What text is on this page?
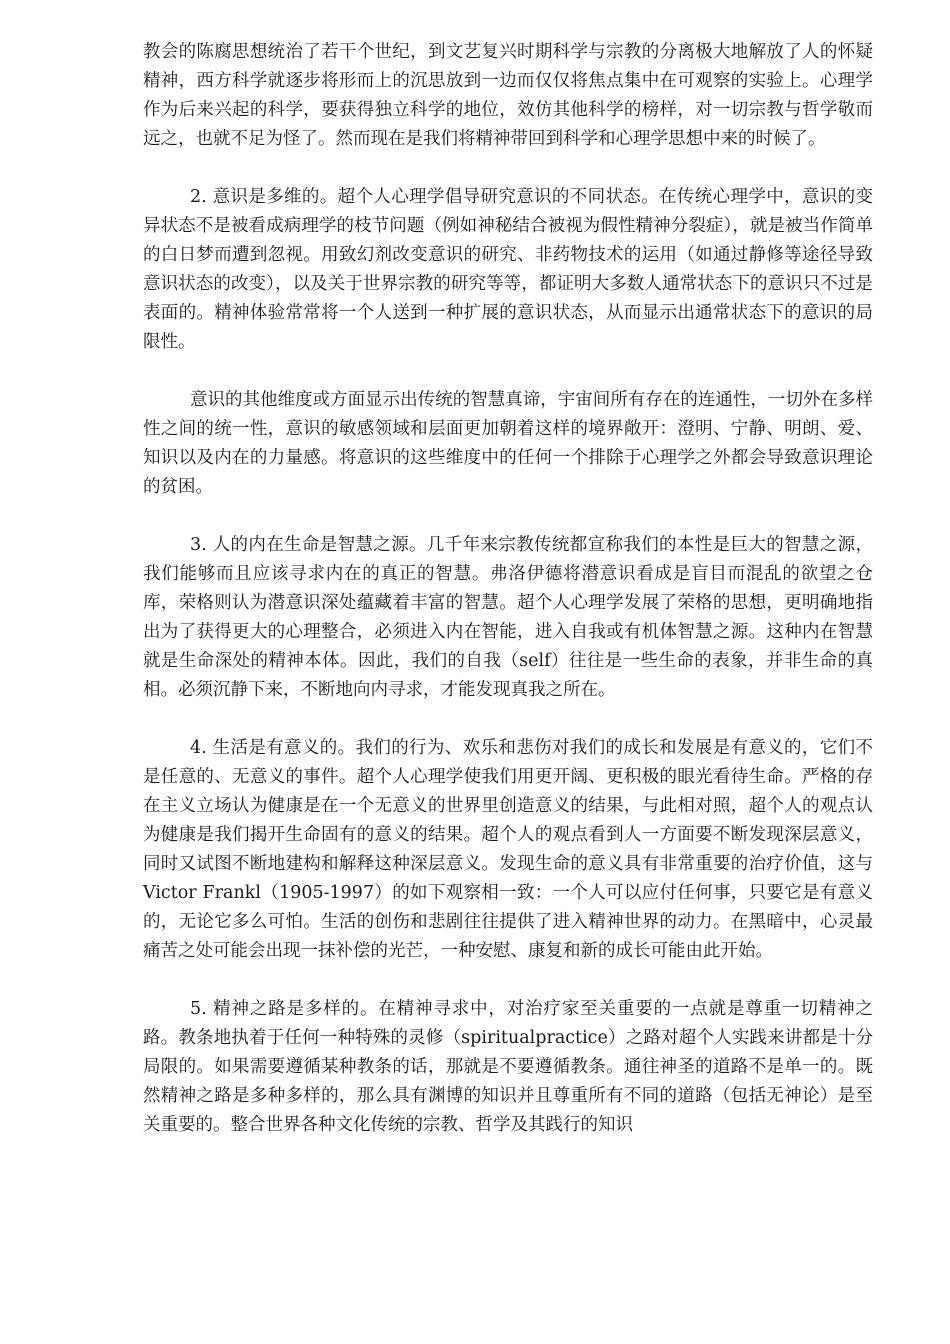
教会的陈腐思想统治了若干个世纪，到文艺复兴时期科学与宗教的分离极大地解放了人的怀疑精神，西方科学就逐步将形而上的沉思放到一边而仅仅将焦点集中在可观察的实验上。心理学作为后来兴起的科学，要获得独立科学的地位，效仿其他科学的榜样，对一切宗教与哲学敬而远之，也就不足为怪了。然而现在是我们将精神带回到科学和心理学思想中来的时候了。

2. 意识是多维的。超个人心理学倡导研究意识的不同状态。在传统心理学中，意识的变异状态不是被看成病理学的枝节问题（例如神秘结合被视为假性精神分裂症），就是被当作简单的白日梦而遭到忽视。用致幻剂改变意识的研究、非药物技术的运用（如通过静修等途径导致意识状态的改变），以及关于世界宗教的研究等等，都证明大多数人通常状态下的意识只不过是表面的。精神体验常常将一个人送到一种扩展的意识状态，从而显示出通常状态下的意识的局限性。

意识的其他维度或方面显示出传统的智慧真谛，宇宙间所有存在的连通性，一切外在多样性之间的统一性，意识的敏感领域和层面更加朝着这样的境界敞开：澄明、宁静、明朗、爱、知识以及内在的力量感。将意识的这些维度中的任何一个排除于心理学之外都会导致意识理论的贫困。

3. 人的内在生命是智慧之源。几千年来宗教传统都宣称我们的本性是巨大的智慧之源，我们能够而且应该寻求内在的真正的智慧。弗洛伊德将潜意识看成是盲目而混乱的欲望之仓库，荣格则认为潜意识深处蕴藏着丰富的智慧。超个人心理学发展了荣格的思想，更明确地指出为了获得更大的心理整合，必须进入内在智能，进入自我或有机体智慧之源。这种内在智慧就是生命深处的精神本体。因此，我们的自我（self）往往是一些生命的表象，并非生命的真相。必须沉静下来，不断地向内寻求，才能发现真我之所在。

4. 生活是有意义的。我们的行为、欢乐和悲伤对我们的成长和发展是有意义的，它们不是任意的、无意义的事件。超个人心理学使我们用更开阔、更积极的眼光看待生命。严格的存在主义立场认为健康是在一个无意义的世界里创造意义的结果，与此相对照，超个人的观点认为健康是我们揭开生命固有的意义的结果。超个人的观点看到人一方面要不断发现深层意义，同时又试图不断地建构和解释这种深层意义。发现生命的意义具有非常重要的治疗价值，这与 Victor Frankl（1905-1997）的如下观察相一致：一个人可以应付任何事，只要它是有意义的，无论它多么可怕。生活的创伤和悲剧往往提供了进入精神世界的动力。在黑暗中，心灵最痛苦之处可能会出现一抹补偿的光芒，一种安慰、康复和新的成长可能由此开始。

5. 精神之路是多样的。在精神寻求中，对治疗家至关重要的一点就是尊重一切精神之路。教条地执着于任何一种特殊的灵修（spiritualpractice）之路对超个人实践来讲都是十分局限的。如果需要遵循某种教条的话，那就是不要遵循教条。通往神圣的道路不是单一的。既然精神之路是多种多样的，那么具有渊博的知识并且尊重所有不同的道路（包括无神论）是至关重要的。整合世界各种文化传统的宗教、哲学及其践行的知识
